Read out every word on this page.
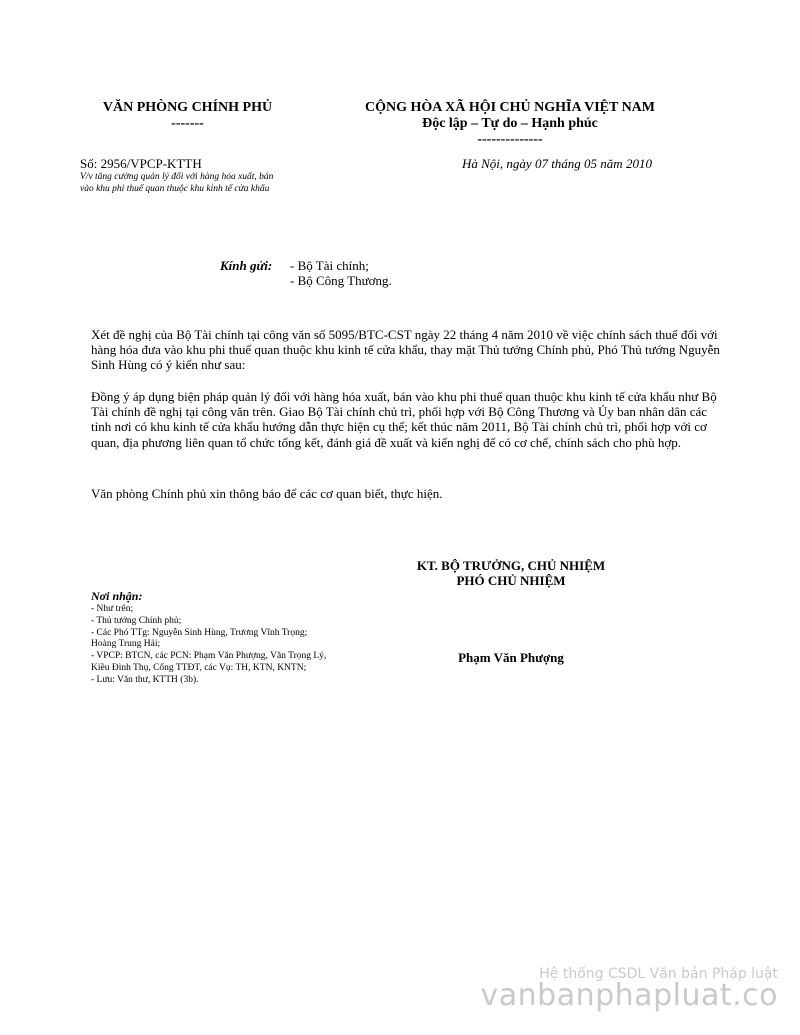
VĂN PHÒNG CHÍNH PHỦ
-------
CỘNG HÒA XÃ HỘI CHỦ NGHĨA VIỆT NAM
Độc lập – Tự do – Hạnh phúc
--------------
Số: 2956/VPCP-KTTH
V/v tăng cường quản lý đối với hàng hóa xuất, bán vào khu phi thuế quan thuộc khu kinh tế cửa khẩu
Hà Nội, ngày 07 tháng 05 năm 2010
Kính gửi: - Bộ Tài chính;
- Bộ Công Thương.
Xét đề nghị của Bộ Tài chính tại công văn số 5095/BTC-CST ngày 22 tháng 4 năm 2010 về việc chính sách thuế đối với hàng hóa đưa vào khu phi thuế quan thuộc khu kinh tế cửa khẩu, thay mặt Thủ tướng Chính phủ, Phó Thủ tướng Nguyễn Sinh Hùng có ý kiến như sau:
Đồng ý áp dụng biện pháp quản lý đối với hàng hóa xuất, bán vào khu phi thuế quan thuộc khu kinh tế cửa khẩu như Bộ Tài chính đề nghị tại công văn trên. Giao Bộ Tài chính chủ trì, phối hợp với Bộ Công Thương và Ủy ban nhân dân các tỉnh nơi có khu kinh tế cửa khẩu hướng dẫn thực hiện cụ thể; kết thúc năm 2011, Bộ Tài chính chủ trì, phối hợp với cơ quan, địa phương liên quan tổ chức tổng kết, đánh giá đề xuất và kiến nghị để có cơ chế, chính sách cho phù hợp.
Văn phòng Chính phủ xin thông báo để các cơ quan biết, thực hiện.
KT. BỘ TRƯỞNG, CHỦ NHIỆM
PHÓ CHỦ NHIỆM
Phạm Văn Phượng
Nơi nhận:
- Như trên;
- Thủ tướng Chính phủ;
- Các Phó TTg: Nguyễn Sinh Hùng, Trương Vĩnh Trọng;
Hoàng Trung Hải;
- VPCP: BTCN, các PCN: Phạm Văn Phượng, Văn Trọng Lý,
Kiều Đình Thụ, Cổng TTĐT, các Vụ: TH, KTN, KNTN;
- Lưu: Văn thư, KTTH (3b).
Hệ thống CSDL Văn bản Pháp luật
vanbanphapluat.co
